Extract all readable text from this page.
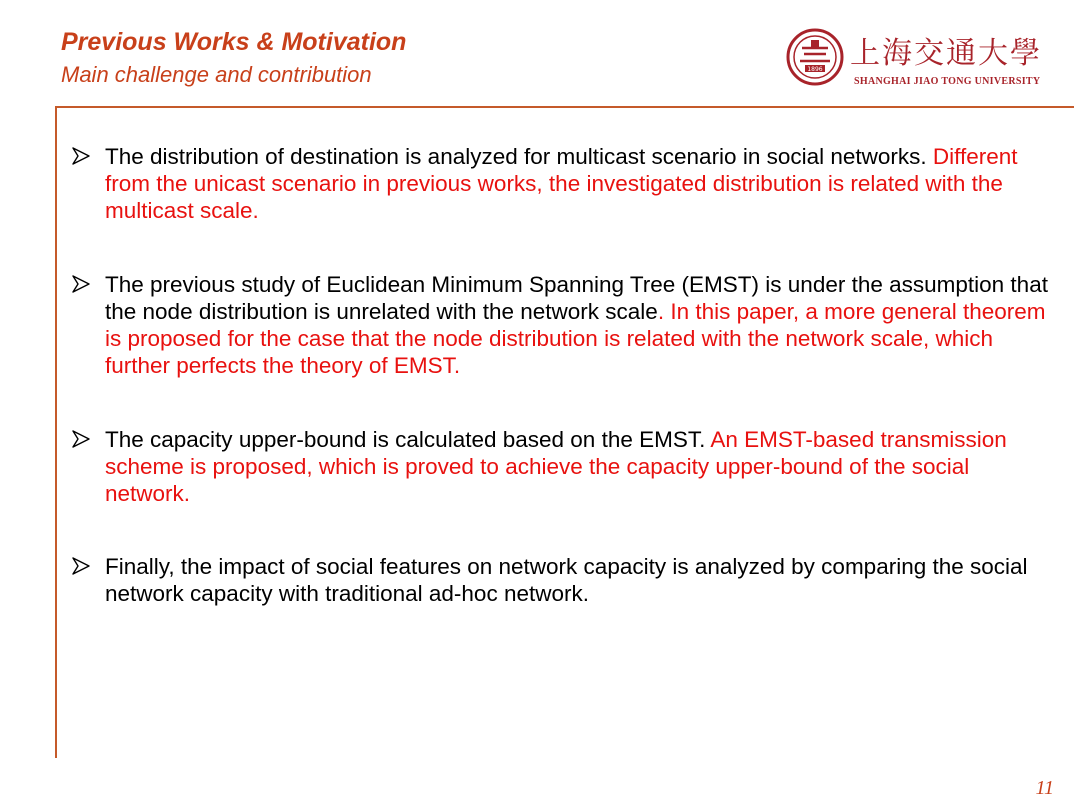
Previous Works & Motivation
Main challenge and contribution	1896 上海交通大學
SHANGHAI JIAO TONG UNIVERSITY
The distribution of destination is analyzed for multicast scenario in social networks. Different from the unicast scenario in previous works, the investigated distribution is related with the multicast scale.
The previous study of Euclidean Minimum Spanning Tree (EMST) is under the assumption that the node distribution is unrelated with the network scale. In this paper, a more general theorem is proposed for the case that the node distribution is related with the network scale, which further perfects the theory of EMST.
The capacity upper-bound is calculated based on the EMST. An EMST-based transmission scheme is proposed, which is proved to achieve the capacity upper-bound of the social network.
Finally, the impact of social features on network capacity is analyzed by comparing the social network capacity with traditional ad-hoc network.
11
